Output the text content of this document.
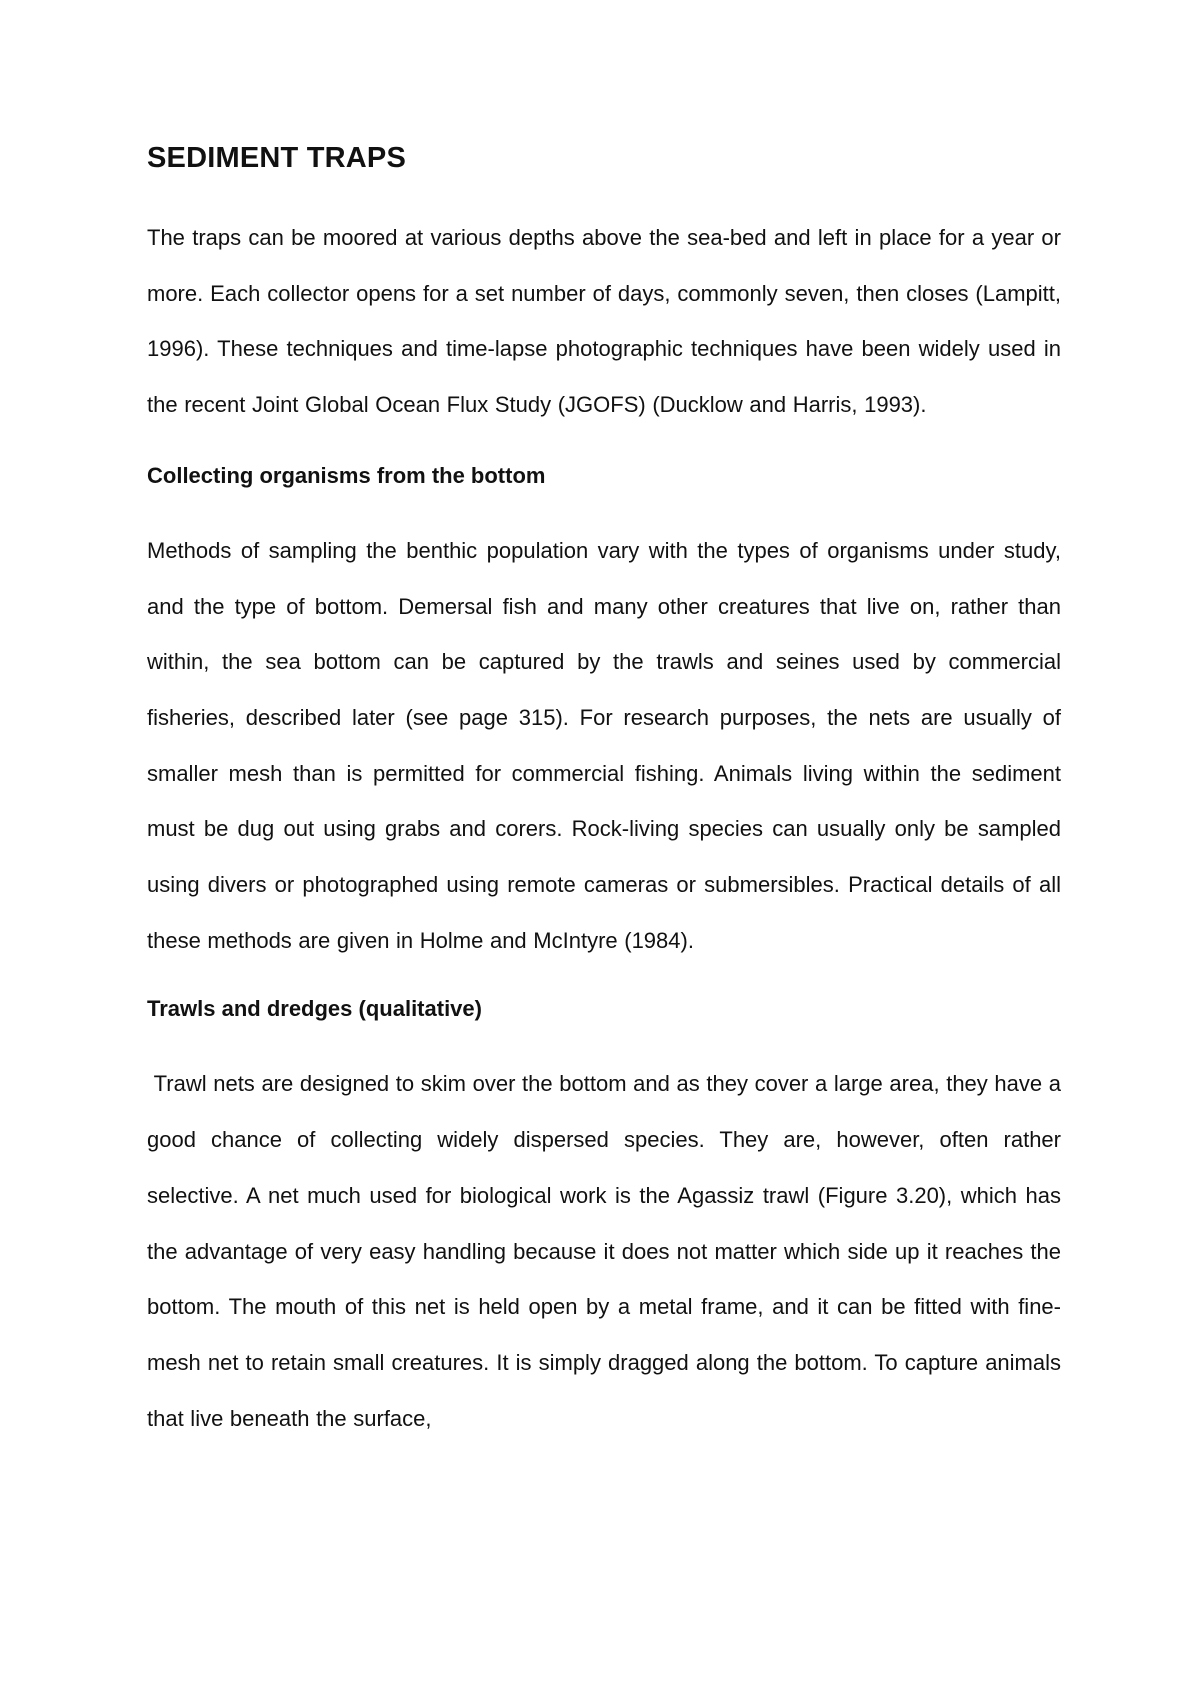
SEDIMENT TRAPS

The traps can be moored at various depths above the sea-bed and left in place for a year or more. Each collector opens for a set number of days, commonly seven, then closes (Lampitt, 1996). These techniques and time-lapse photographic techniques have been widely used in the recent Joint Global Ocean Flux Study (JGOFS) (Ducklow and Harris, 1993).

Collecting organisms from the bottom

Methods of sampling the benthic population vary with the types of organisms under study, and the type of bottom. Demersal fish and many other creatures that live on, rather than within, the sea bottom can be captured by the trawls and seines used by commercial fisheries, described later (see page 315). For research purposes, the nets are usually of smaller mesh than is permitted for commercial fishing. Animals living within the sediment must be dug out using grabs and corers. Rock-living species can usually only be sampled using divers or photographed using remote cameras or submersibles. Practical details of all these methods are given in Holme and McIntyre (1984).

Trawls and dredges (qualitative)

Trawl nets are designed to skim over the bottom and as they cover a large area, they have a good chance of collecting widely dispersed species. They are, however, often rather selective. A net much used for biological work is the Agassiz trawl (Figure 3.20), which has the advantage of very easy handling because it does not matter which side up it reaches the bottom. The mouth of this net is held open by a metal frame, and it can be fitted with fine-mesh net to retain small creatures. It is simply dragged along the bottom. To capture animals that live beneath the surface,
